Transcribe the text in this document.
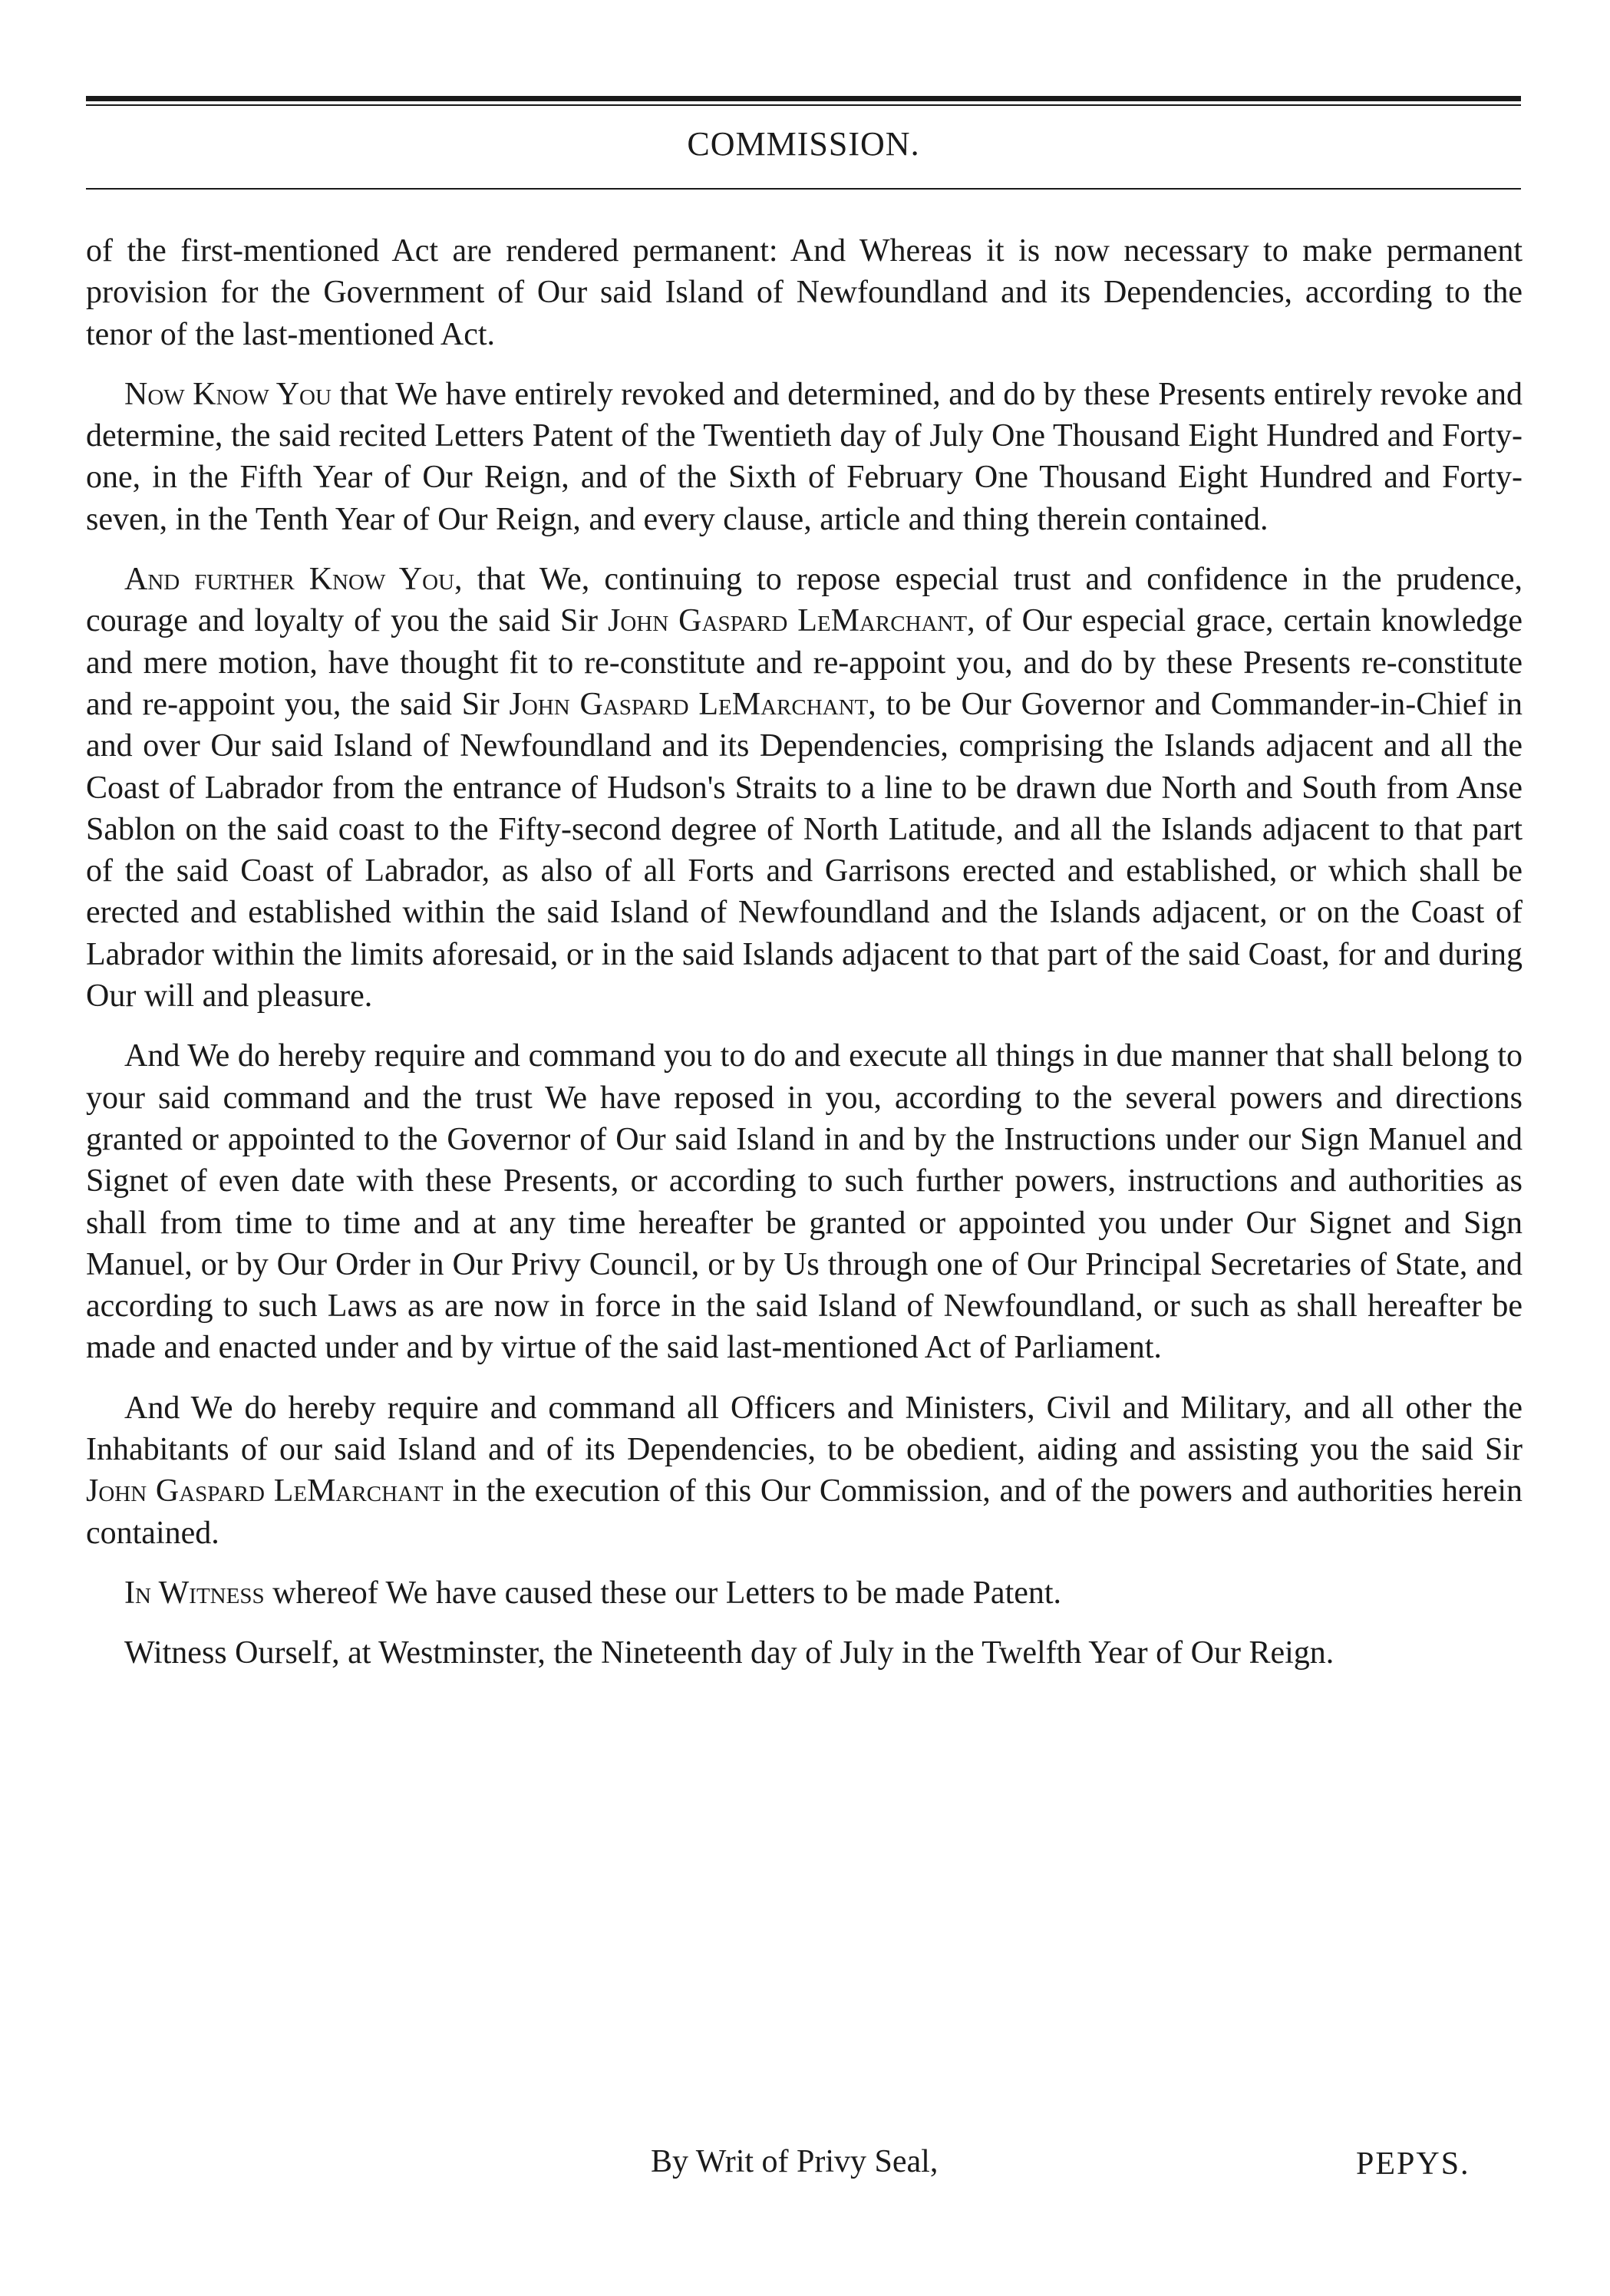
COMMISSION.

of the first-mentioned Act are rendered permanent: And Whereas it is now necessary to make permanent provision for the Government of Our said Island of Newfoundland and its Dependencies, according to the tenor of the last-mentioned Act.

Now Know You that We have entirely revoked and determined, and do by these Presents entirely revoke and determine, the said recited Letters Patent of the Twentieth day of July One Thousand Eight Hundred and Forty-one, in the Fifth Year of Our Reign, and of the Sixth of February One Thousand Eight Hundred and Forty-seven, in the Tenth Year of Our Reign, and every clause, article and thing therein contained.

And further Know You, that We, continuing to repose especial trust and confidence in the prudence, courage and loyalty of you the said Sir John Gaspard LeMarchant, of Our especial grace, certain knowledge and mere motion, have thought fit to re-constitute and re-appoint you, and do by these Presents re-constitute and re-appoint you, the said Sir John Gaspard LeMarchant, to be Our Governor and Commander-in-Chief in and over Our said Island of Newfoundland and its Dependencies, comprising the Islands adjacent and all the Coast of Labrador from the entrance of Hudson's Straits to a line to be drawn due North and South from Anse Sablon on the said coast to the Fifty-second degree of North Latitude, and all the Islands adjacent to that part of the said Coast of Labrador, as also of all Forts and Garrisons erected and established, or which shall be erected and established within the said Island of Newfoundland and the Islands adjacent, or on the Coast of Labrador within the limits aforesaid, or in the said Islands adjacent to that part of the said Coast, for and during Our will and pleasure.

And We do hereby require and command you to do and execute all things in due manner that shall belong to your said command and the trust We have reposed in you, according to the several powers and directions granted or appointed to the Governor of Our said Island in and by the Instructions under our Sign Manuel and Signet of even date with these Presents, or according to such further powers, instructions and authorities as shall from time to time and at any time hereafter be granted or appointed you under Our Signet and Sign Manuel, or by Our Order in Our Privy Council, or by Us through one of Our Principal Secretaries of State, and according to such Laws as are now in force in the said Island of Newfoundland, or such as shall hereafter be made and enacted under and by virtue of the said last-mentioned Act of Parliament.

And We do hereby require and command all Officers and Ministers, Civil and Military, and all other the Inhabitants of our said Island and of its Dependencies, to be obedient, aiding and assisting you the said Sir John Gaspard LeMarchant in the execution of this Our Commission, and of the powers and authorities herein contained.

In Witness whereof We have caused these our Letters to be made Patent.

Witness Ourself, at Westminster, the Nineteenth day of July in the Twelfth Year of Our Reign.

By Writ of Privy Seal,	PEPYS.
